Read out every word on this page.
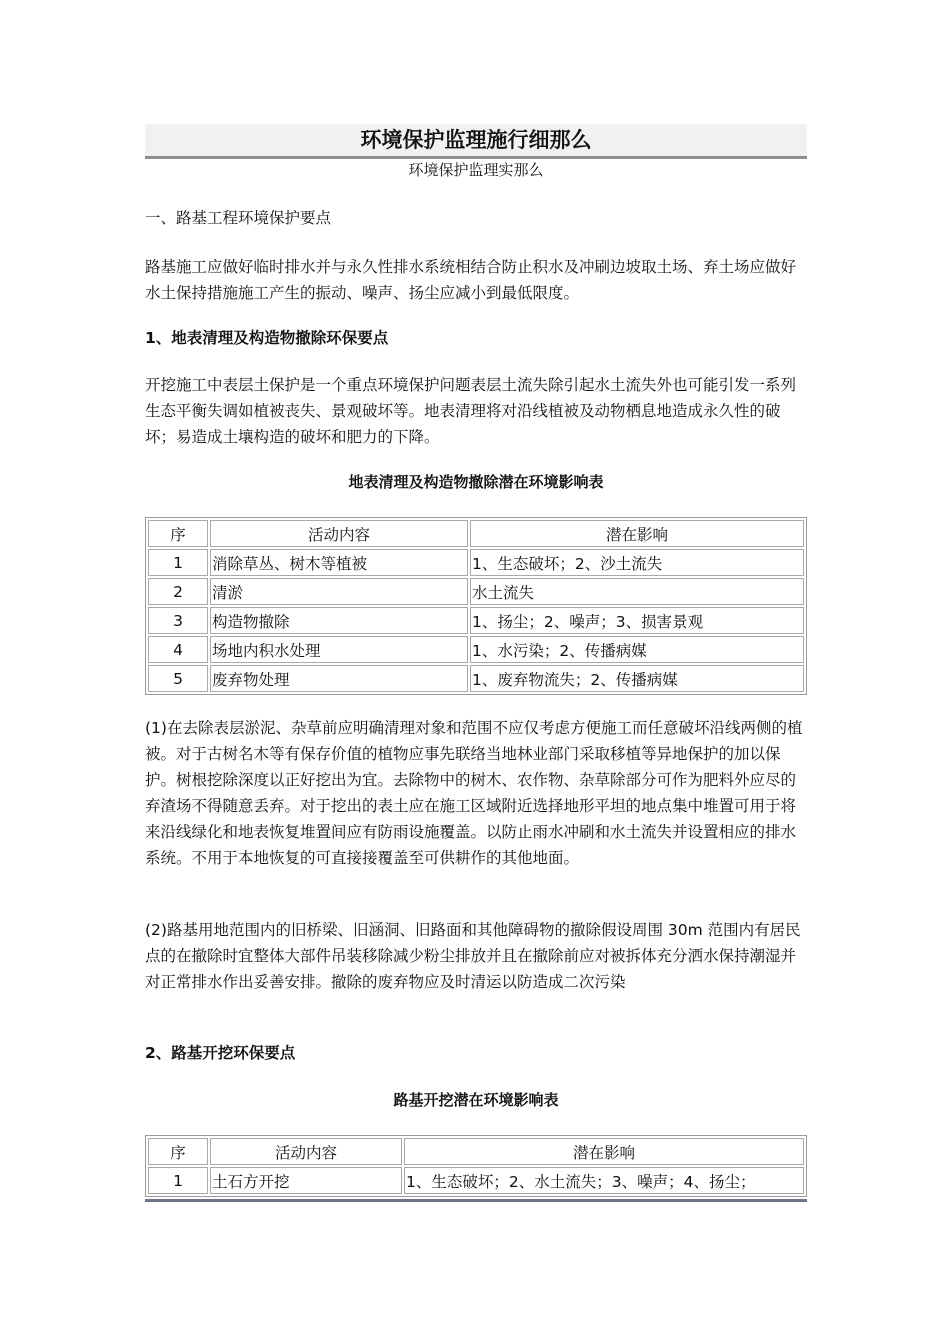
环境保护监理施行细那么
环境保护监理实那么

一、路基工程环境保护要点

路基施工应做好临时排水并与永久性排水系统相结合防止积水及冲刷边坡取土场、弃土场应做好水土保持措施施工产生的振动、噪声、扬尘应减小到最低限度。

1、地表清理及构造物撤除环保要点

开挖施工中表层土保护是一个重点环境保护问题表层土流失除引起水土流失外也可能引发一系列生态平衡失调如植被丧失、景观破坏等。地表清理将对沿线植被及动物栖息地造成永久性的破坏；易造成土壤构造的破坏和肥力的下降。

地表清理及构造物撤除潜在环境影响表
序	活动内容	潜在影响
1	消除草丛、树木等植被	1、生态破坏；2、沙土流失
2	清淤	水土流失
3	构造物撤除	1、扬尘；2、噪声；3、损害景观
4	场地内积水处理	1、水污染；2、传播病媒
5	废弃物处理	1、废弃物流失；2、传播病媒

(1)在去除表层淤泥、杂草前应明确清理对象和范围不应仅考虑方便施工而任意破坏沿线两侧的植被。对于古树名木等有保存价值的植物应事先联络当地林业部门采取移植等异地保护的加以保护。树根挖除深度以正好挖出为宜。去除物中的树木、农作物、杂草除部分可作为肥料外应尽的弃渣场不得随意丢弃。对于挖出的表土应在施工区域附近选择地形平坦的地点集中堆置可用于将来沿线绿化和地表恢复堆置间应有防雨设施覆盖。以防止雨水冲刷和水土流失并设置相应的排水系统。不用于本地恢复的可直接接覆盖至可供耕作的其他地面。

(2)路基用地范围内的旧桥梁、旧涵洞、旧路面和其他障碍物的撤除假设周围 30m 范围内有居民点的在撤除时宜整体大部件吊装移除减少粉尘排放并且在撤除前应对被拆体充分洒水保持潮湿并对正常排水作出妥善安排。撤除的废弃物应及时清运以防造成二次污染

2、路基开挖环保要点

路基开挖潜在环境影响表
序	活动内容	潜在影响
1	土石方开挖	1、生态破坏；2、水土流失；3、噪声；4、扬尘；
